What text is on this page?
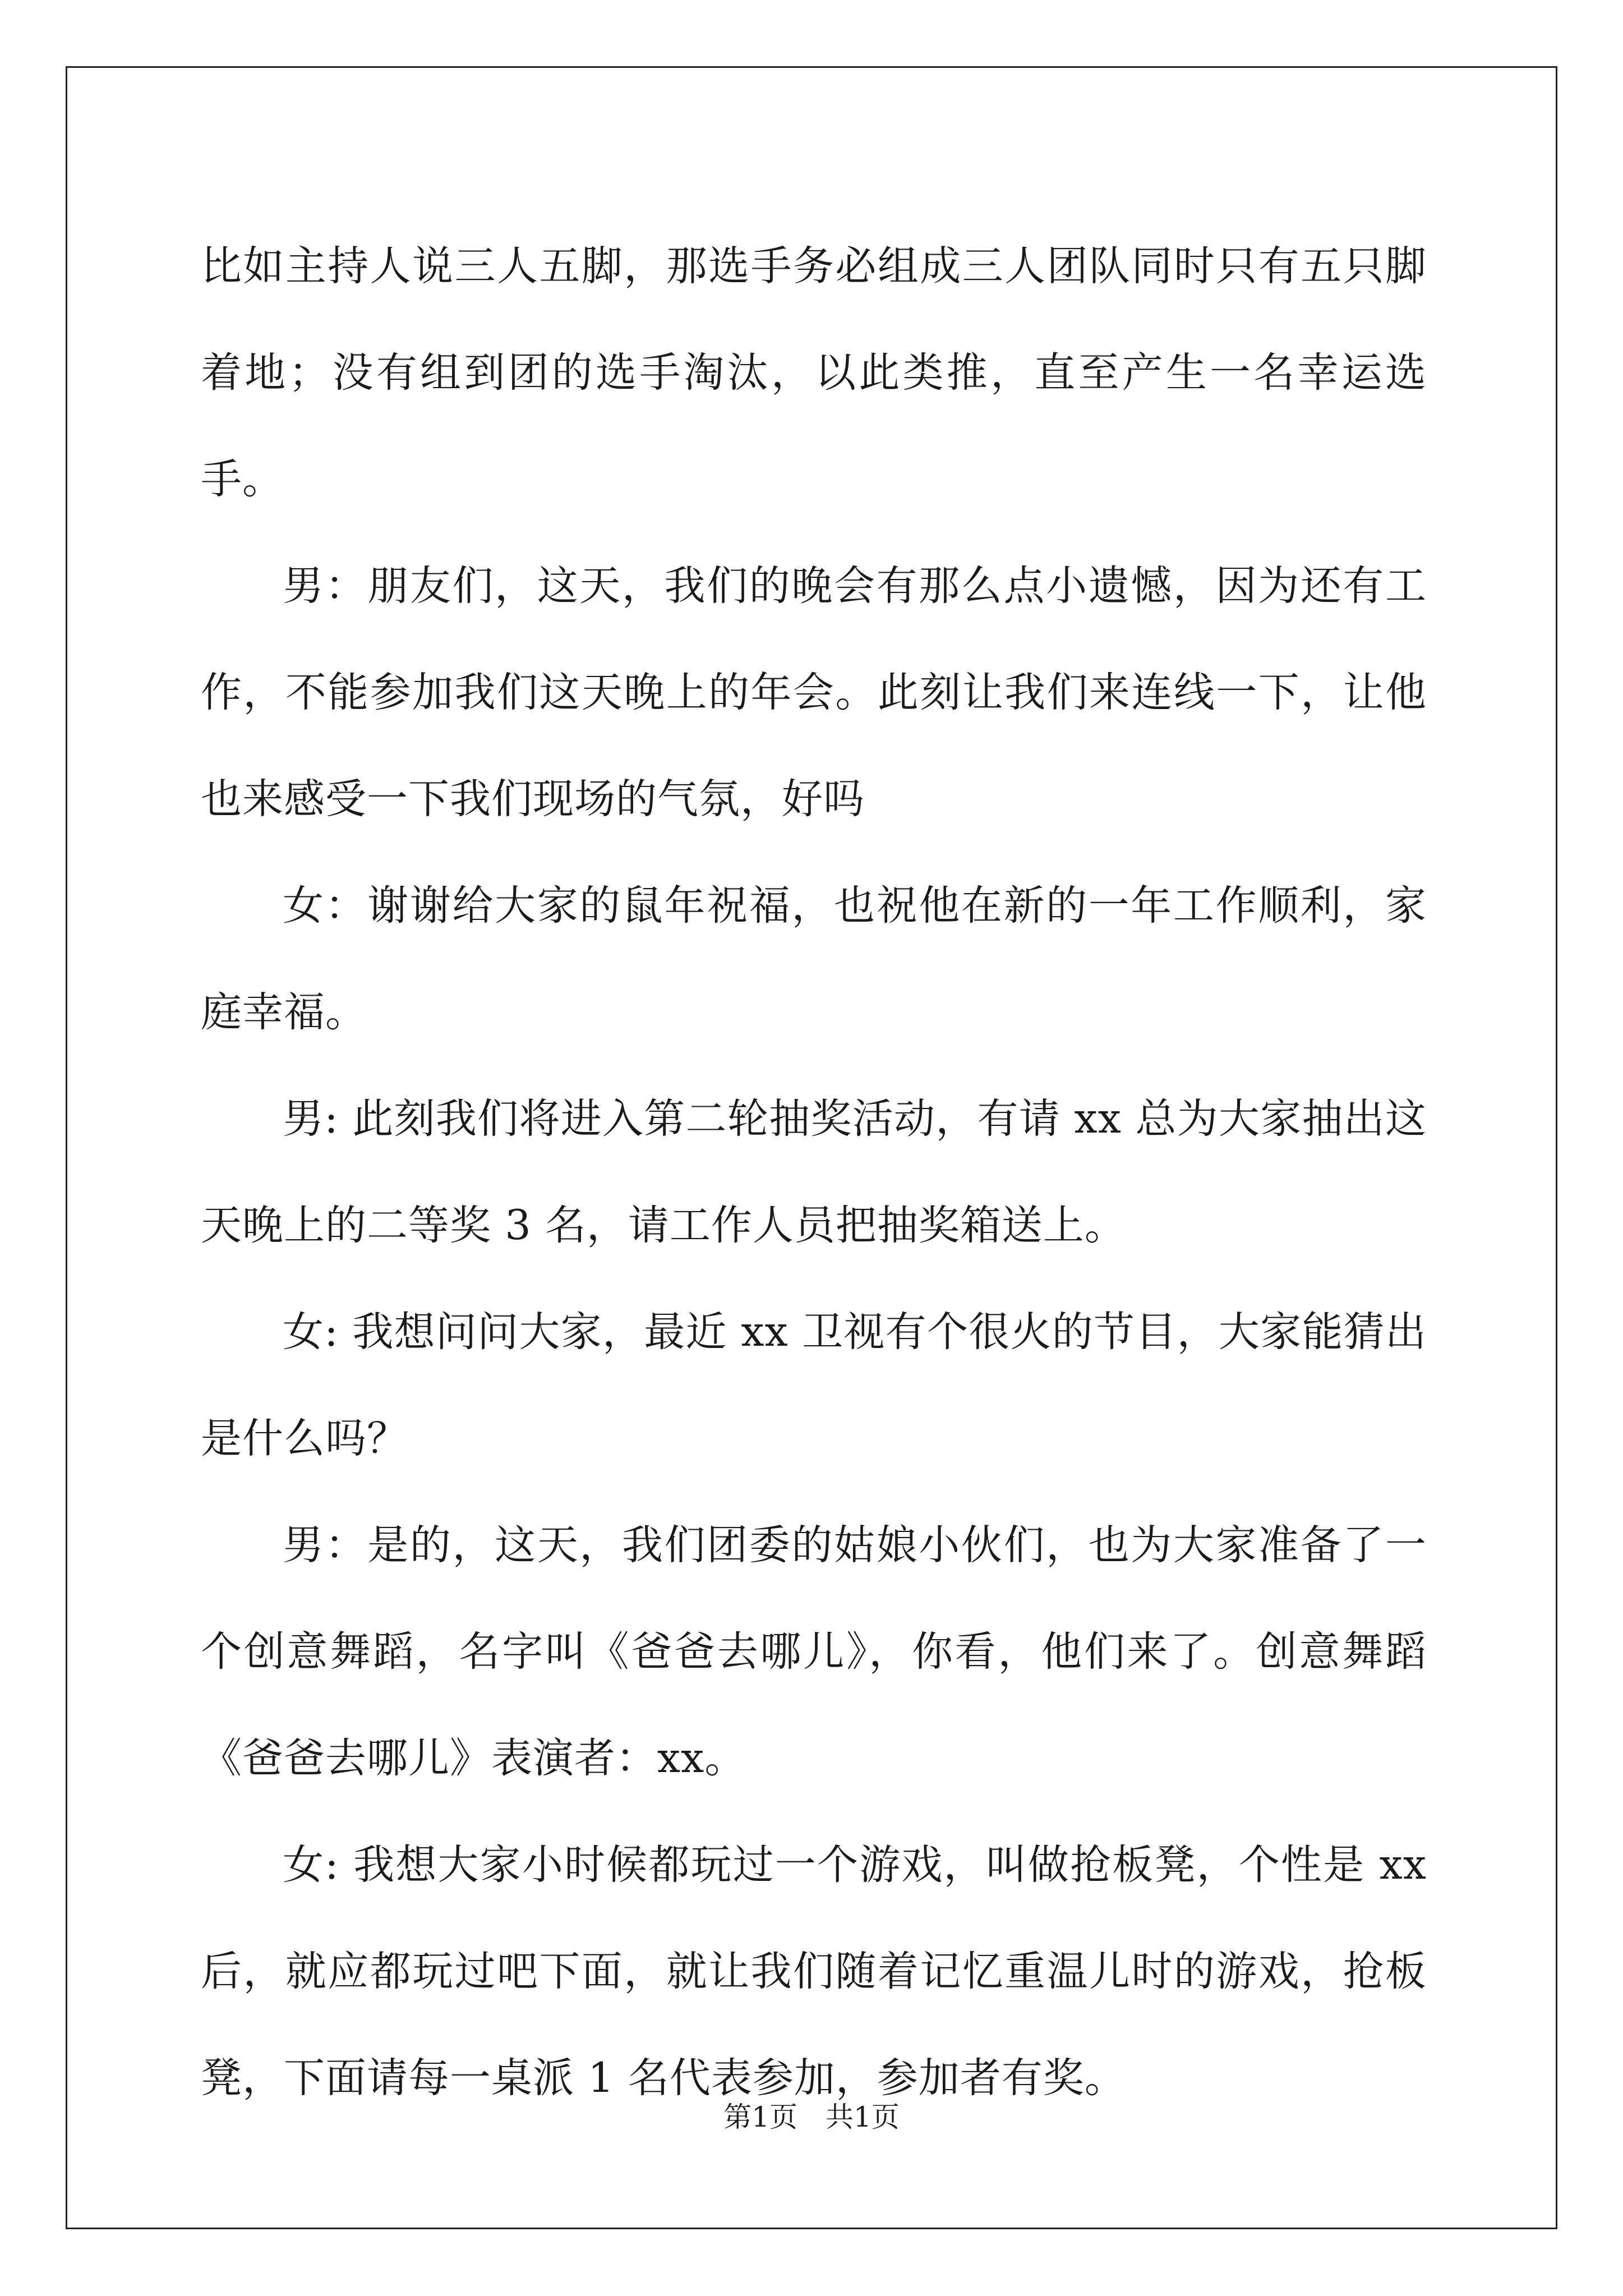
比如主持人说三人五脚，那选手务必组成三人团队同时只有五只脚着地；没有组到团的选手淘汰，以此类推，直至产生一名幸运选手。

男：朋友们，这天，我们的晚会有那么点小遗憾，因为还有工作，不能参加我们这天晚上的年会。此刻让我们来连线一下，让他也来感受一下我们现场的气氛，好吗

女：谢谢给大家的鼠年祝福，也祝他在新的一年工作顺利，家庭幸福。

男: 此刻我们将进入第二轮抽奖活动，有请 xx 总为大家抽出这天晚上的二等奖 3 名，请工作人员把抽奖箱送上。

女: 我想问问大家，最近 xx 卫视有个很火的节目，大家能猜出是什么吗？

男：是的，这天，我们团委的姑娘小伙们，也为大家准备了一个创意舞蹈，名字叫《爸爸去哪儿》，你看，他们来了。创意舞蹈《爸爸去哪儿》表演者：xx。

女: 我想大家小时候都玩过一个游戏，叫做抢板凳，个性是 xx 后，就应都玩过吧下面，就让我们随着记忆重温儿时的游戏，抢板凳，下面请每一桌派 1 名代表参加，参加者有奖。

第1页 共1页
